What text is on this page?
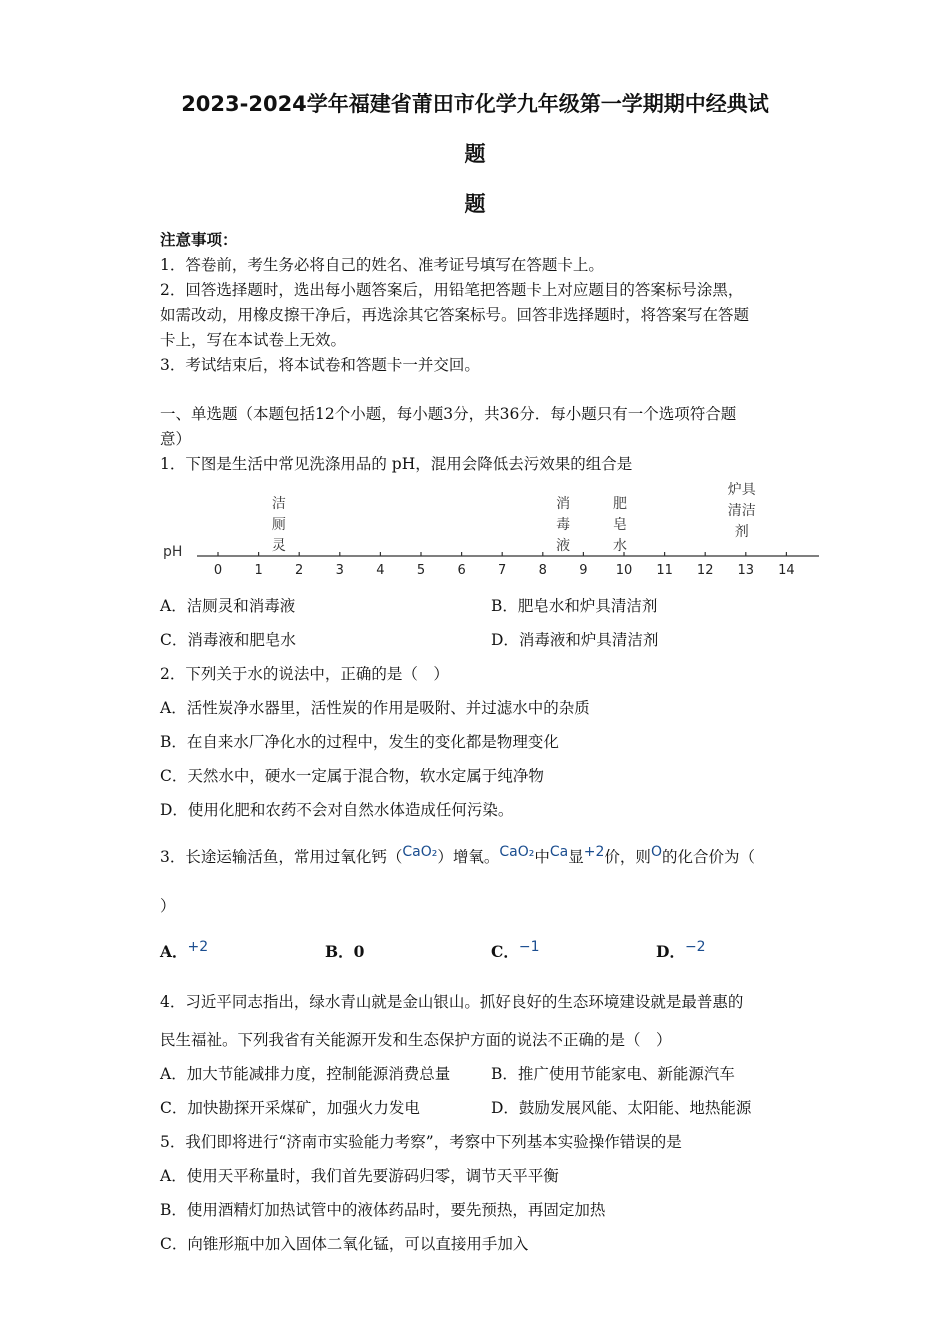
2023-2024学年福建省莆田市化学九年级第一学期期中经典试
题
题
注意事项：
1．答卷前，考生务必将自己的姓名、准考证号填写在答题卡上。
2．回答选择题时，选出每小题答案后，用铅笔把答题卡上对应题目的答案标号涂黑，
如需改动，用橡皮擦干净后，再选涂其它答案标号。回答非选择题时，将答案写在答题
卡上，写在本试卷上无效。
3．考试结束后，将本试卷和答题卡一并交回。
一、单选题（本题包括12个小题，每小题3分，共36分．每小题只有一个选项符合题
意）
1．下图是生活中常见洗涤用品的 pH，混用会降低去污效果的组合是
pH
0 1 2 3 4 5 6 7 8 9 10 11 12 13 14
洁
厕
灵
消
毒
液
肥
皂
水
炉具
清洁
剂
A．洁厕灵和消毒液	B．肥皂水和炉具清洁剂
C．消毒液和肥皂水	D．消毒液和炉具清洁剂
2．下列关于水的说法中，正确的是（　）
A．活性炭净水器里，活性炭的作用是吸附、并过滤水中的杂质
B．在自来水厂净化水的过程中，发生的变化都是物理变化
C．天然水中，硬水一定属于混合物，软水定属于纯净物
D．使用化肥和农药不会对自然水体造成任何污染。
3．长途运输活鱼，常用过氧化钙（CaO₂）增氧。CaO₂中Ca显+2价，则O的化合价为（
）
A．+2	B．0	C．−1	D．−2
4．习近平同志指出，绿水青山就是金山银山。抓好良好的生态环境建设就是最普惠的
民生福祉。下列我省有关能源开发和生态保护方面的说法不正确的是（　）
A．加大节能减排力度，控制能源消费总量	B．推广使用节能家电、新能源汽车
C．加快勘探开采煤矿，加强火力发电	D．鼓励发展风能、太阳能、地热能源
5．我们即将进行“济南市实验能力考察”，考察中下列基本实验操作错误的是
A．使用天平称量时，我们首先要游码归零，调节天平平衡
B．使用酒精灯加热试管中的液体药品时，要先预热，再固定加热
C．向锥形瓶中加入固体二氧化锰，可以直接用手加入
